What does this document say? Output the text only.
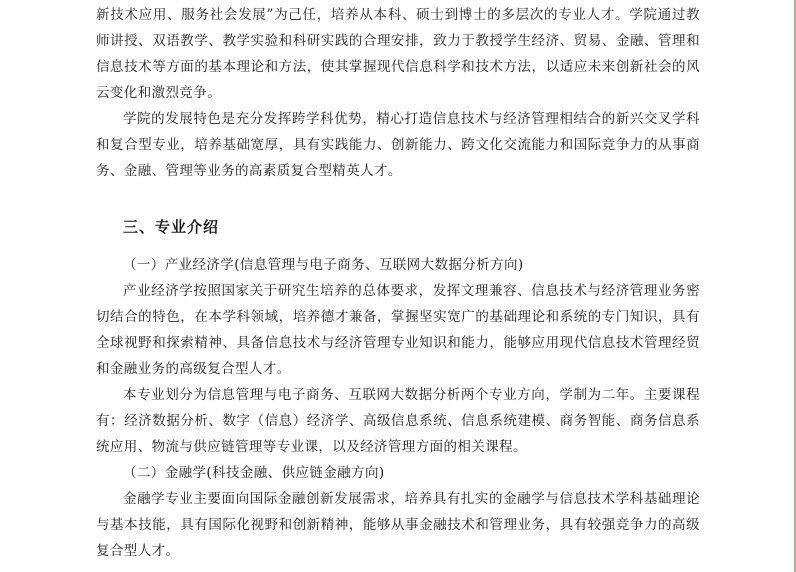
新技术应用、服务社会发展”为己任，培养从本科、硕士到博士的多层次的专业人才。学院通过教师讲授、双语教学、教学实验和科研实践的合理安排，致力于教授学生经济、贸易、金融、管理和信息技术等方面的基本理论和方法，使其掌握现代信息科学和技术方法，以适应未来创新社会的风云变化和激烈竞争。

学院的发展特色是充分发挥跨学科优势，精心打造信息技术与经济管理相结合的新兴交叉学科和复合型专业，培养基础宽厚，具有实践能力、创新能力、跨文化交流能力和国际竞争力的从事商务、金融、管理等业务的高素质复合型精英人才。

三、专业介绍

（一）产业经济学(信息管理与电子商务、互联网大数据分析方向)

产业经济学按照国家关于研究生培养的总体要求，发挥文理兼容、信息技术与经济管理业务密切结合的特色，在本学科领域，培养德才兼备，掌握坚实宽广的基础理论和系统的专门知识，具有全球视野和探索精神、具备信息技术与经济管理专业知识和能力，能够应用现代信息技术管理经贸和金融业务的高级复合型人才。

本专业划分为信息管理与电子商务、互联网大数据分析两个专业方向，学制为二年。主要课程有：经济数据分析、数字（信息）经济学、高级信息系统、信息系统建模、商务智能、商务信息系统应用、物流与供应链管理等专业课，以及经济管理方面的相关课程。

（二）金融学(科技金融、供应链金融方向)

金融学专业主要面向国际金融创新发展需求，培养具有扎实的金融学与信息技术学科基础理论与基本技能，具有国际化视野和创新精神，能够从事金融技术和管理业务，具有较强竞争力的高级复合型人才。
